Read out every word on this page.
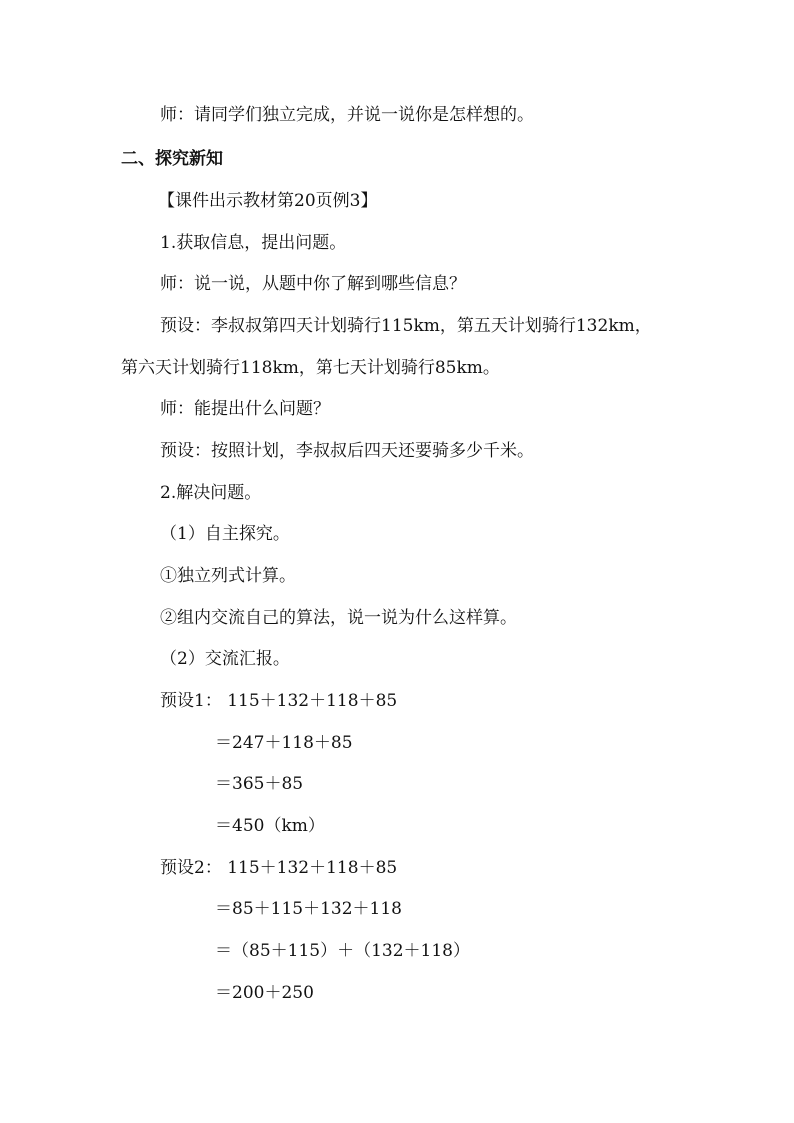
师：请同学们独立完成，并说一说你是怎样想的。
二、探究新知
【课件出示教材第20页例3】
1.获取信息，提出问题。
师：说一说，从题中你了解到哪些信息？
预设：李叔叔第四天计划骑行115km，第五天计划骑行132km，
第六天计划骑行118km，第七天计划骑行85km。
师：能提出什么问题？
预设：按照计划，李叔叔后四天还要骑多少千米。
2.解决问题。
（1）自主探究。
①独立列式计算。
②组内交流自己的算法，说一说为什么这样算。
（2）交流汇报。
预设1： 115＋132＋118＋85
＝247＋118＋85
＝365＋85
＝450（km）
预设2： 115＋132＋118＋85
＝85＋115＋132＋118
＝（85＋115）＋（132＋118）
＝200＋250
